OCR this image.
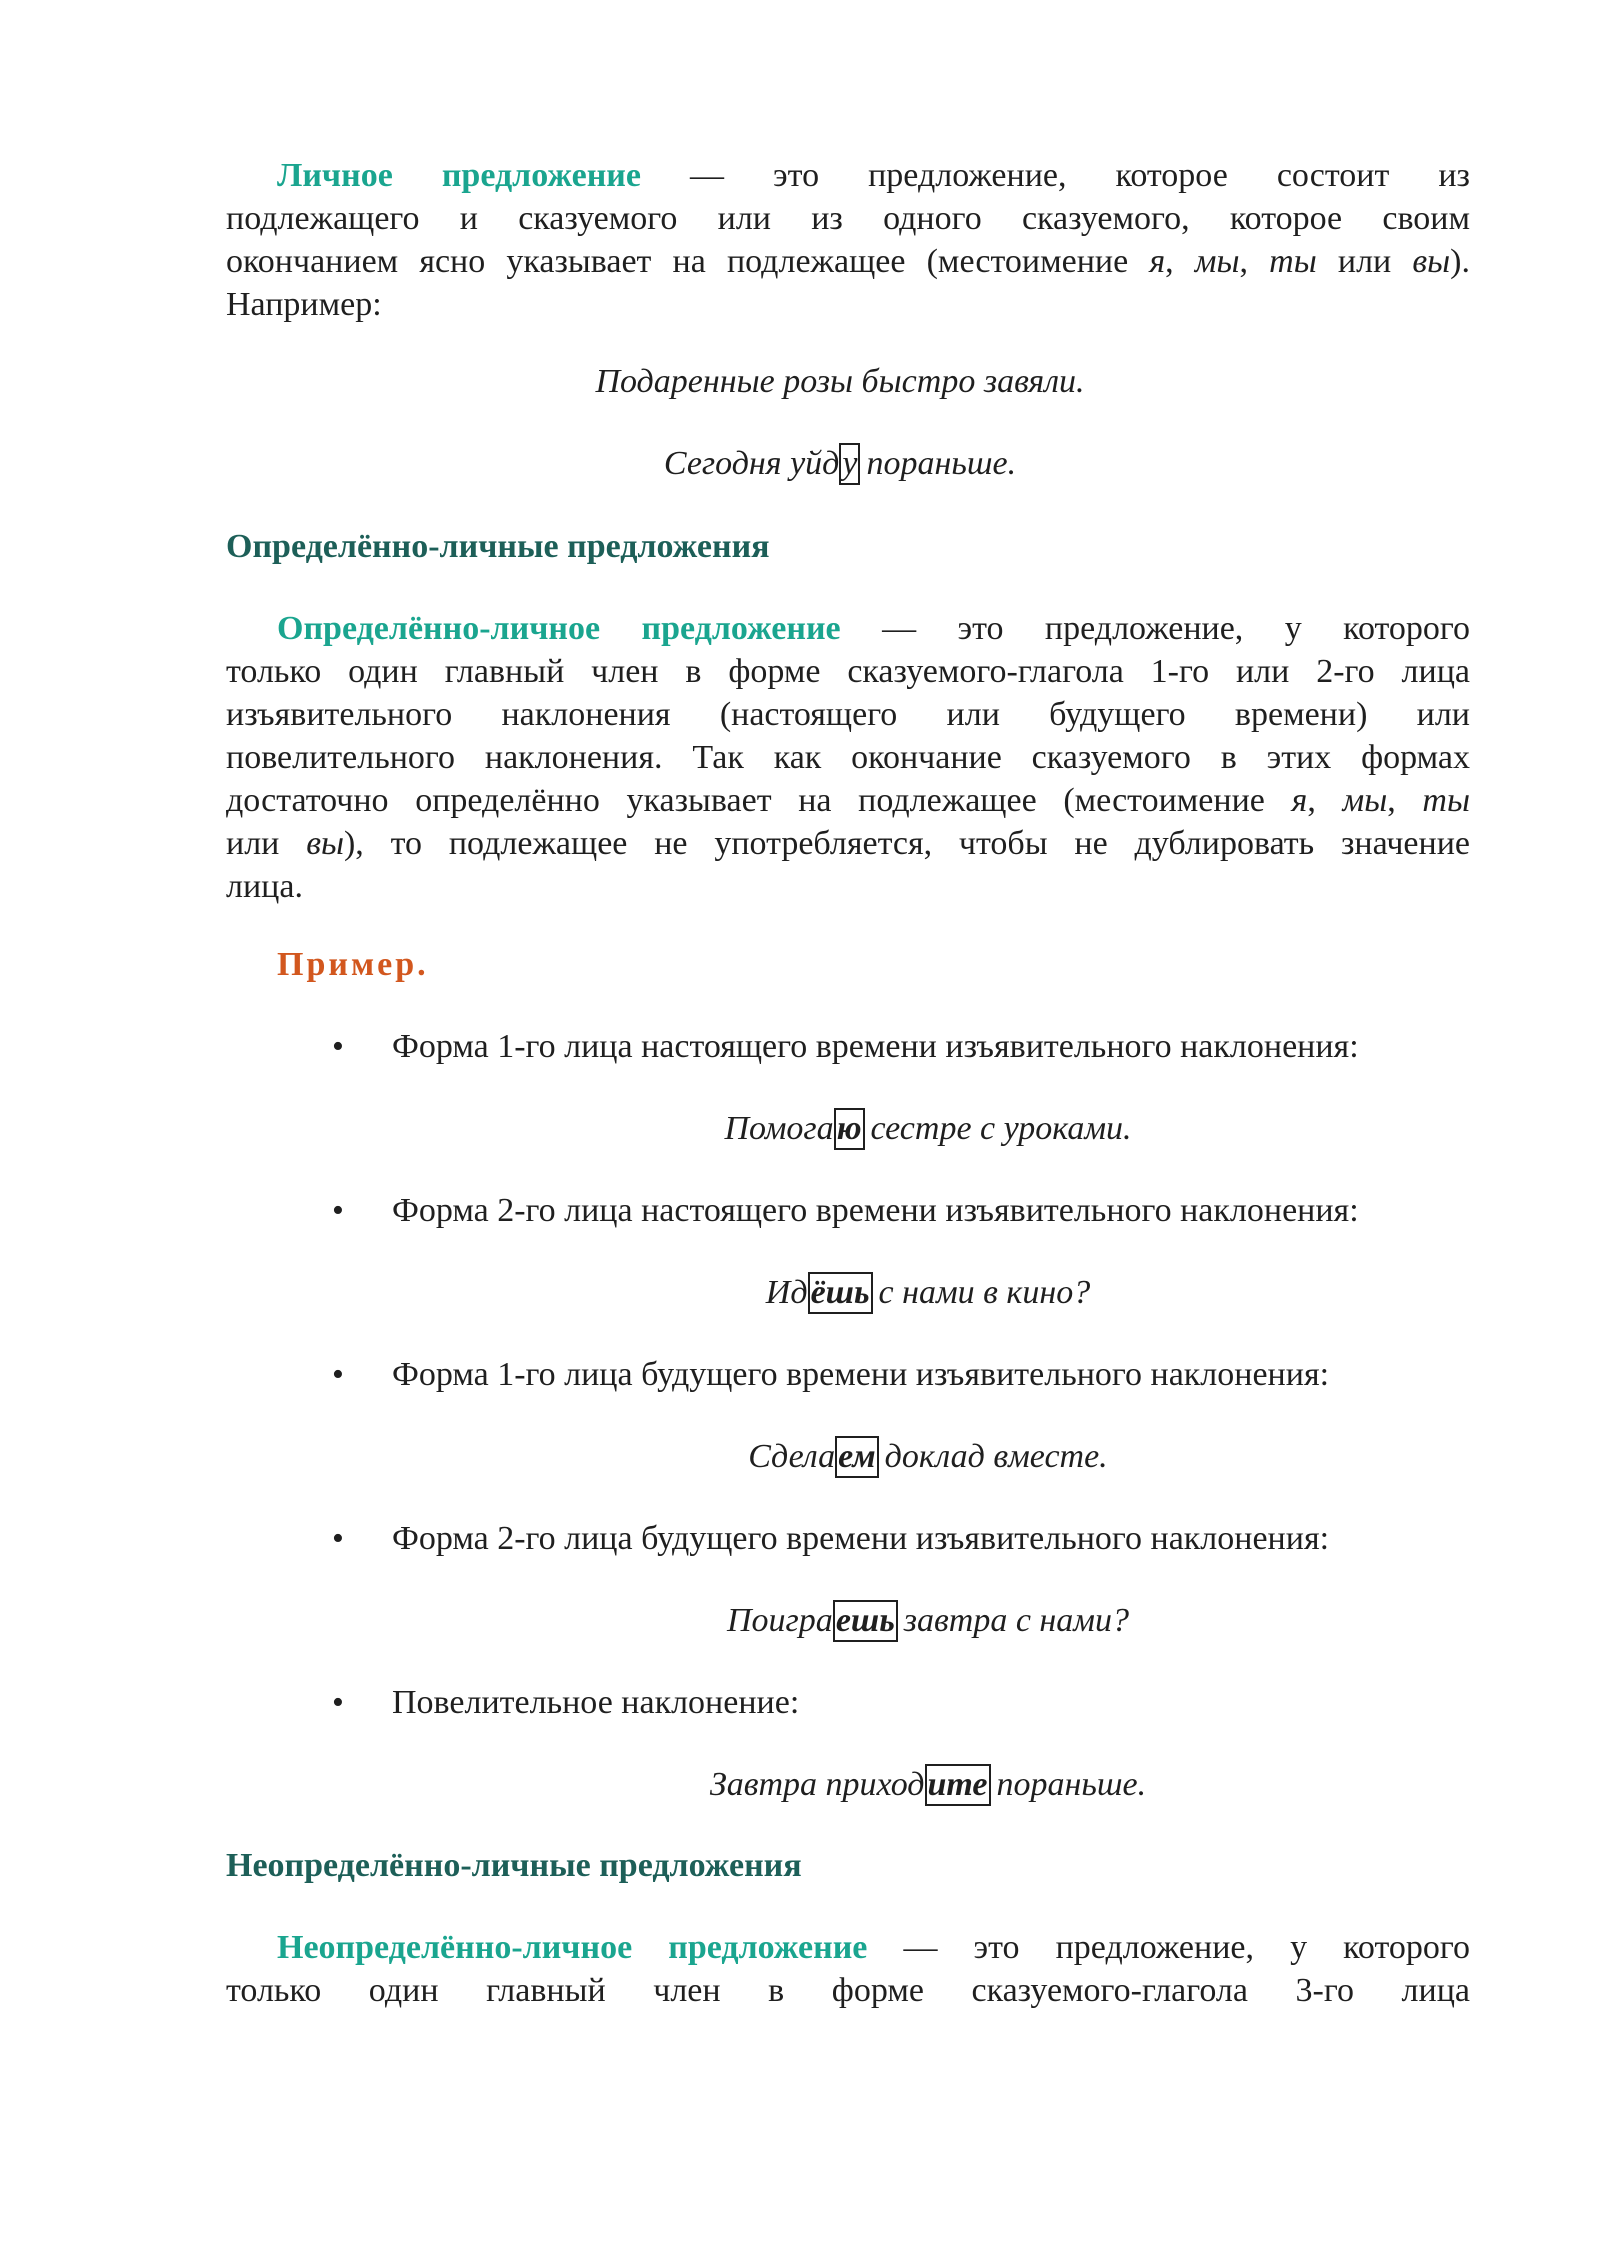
Личное предложение — это предложение, которое состоит из
подлежащего и сказуемого или из одного сказуемого, которое своим
окончанием ясно указывает на подлежащее (местоимение я, мы, ты или вы).
Например:

Подаренные розы быстро завяли.

Сегодня уйду пораньше.

Определённо-личные предложения
Определённо-личное предложение — это предложение, у которого
только один главный член в форме сказуемого-глагола 1-го или 2-го лица
изъявительного наклонения (настоящего или будущего времени) или
повелительного наклонения. Так как окончание сказуемого в этих формах
достаточно определённо указывает на подлежащее (местоимение я, мы, ты
или вы), то подлежащее не употребляется, чтобы не дублировать значение
лица.

Пример.

• Форма 1-го лица настоящего времени изъявительного наклонения:

Помогаю сестре с уроками.

• Форма 2-го лица настоящего времени изъявительного наклонения:

Идёшь с нами в кино?

• Форма 1-го лица будущего времени изъявительного наклонения:

Сделаем доклад вместе.

• Форма 2-го лица будущего времени изъявительного наклонения:

Поиграешь завтра с нами?

• Повелительное наклонение:

Завтра приходите пораньше.

Неопределённо-личные предложения
Неопределённо-личное предложение — это предложение, у которого
только один главный член в форме сказуемого-глагола 3-го лица
